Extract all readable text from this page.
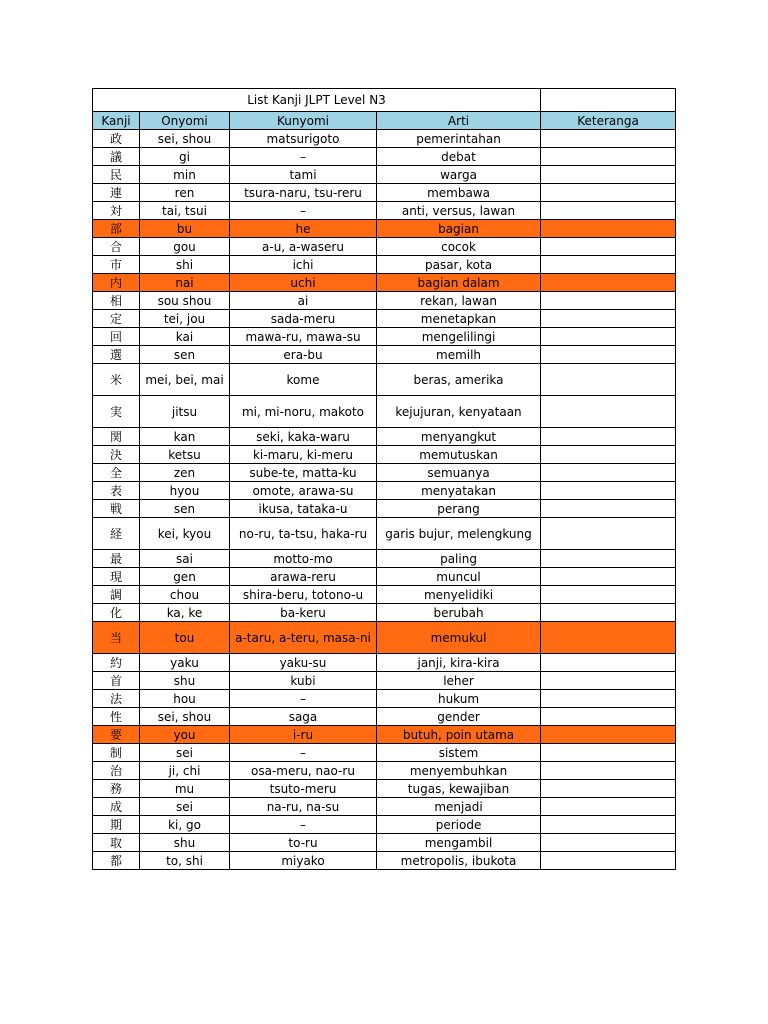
List Kanji JLPT Level N3				
Kanji	Onyomi	Kunyomi	Arti	Keteranga
政	sei, shou	matsurigoto	pemerintahan	
議	gi	–	debat	
民	min	tami	warga	
連	ren	tsura-naru, tsu-reru	membawa	
対	tai, tsui	–	anti, versus, lawan	
部	bu	he	bagian	
合	gou	a-u, a-waseru	cocok	
市	shi	ichi	pasar, kota	
内	nai	uchi	bagian dalam	
相	sou shou	ai	rekan, lawan	
定	tei, jou	sada-meru	menetapkan	
回	kai	mawa-ru, mawa-su	mengelilingi	
選	sen	era-bu	memilh	
米	mei, bei, mai	kome	beras, amerika	
実	jitsu	mi, mi-noru, makoto	kejujuran, kenyataan	
関	kan	seki, kaka-waru	menyangkut	
決	ketsu	ki-maru, ki-meru	memutuskan	
全	zen	sube-te, matta-ku	semuanya	
表	hyou	omote, arawa-su	menyatakan	
戦	sen	ikusa, tataka-u	perang	
経	kei, kyou	no-ru, ta-tsu, haka-ru	garis bujur, melengkung	
最	sai	motto-mo	paling	
現	gen	arawa-reru	muncul	
調	chou	shira-beru, totono-u	menyelidiki	
化	ka, ke	ba-keru	berubah	
当	tou	a-taru, a-teru, masa-ni	memukul	
約	yaku	yaku-su	janji, kira-kira	
首	shu	kubi	leher	
法	hou	–	hukum	
性	sei, shou	saga	gender	
要	you	i-ru	butuh, poin utama	
制	sei	–	sistem	
治	ji, chi	osa-meru, nao-ru	menyembuhkan	
務	mu	tsuto-meru	tugas, kewajiban	
成	sei	na-ru, na-su	menjadi	
期	ki, go	–	periode	
取	shu	to-ru	mengambil	
都	to, shi	miyako	metropolis, ibukota	
